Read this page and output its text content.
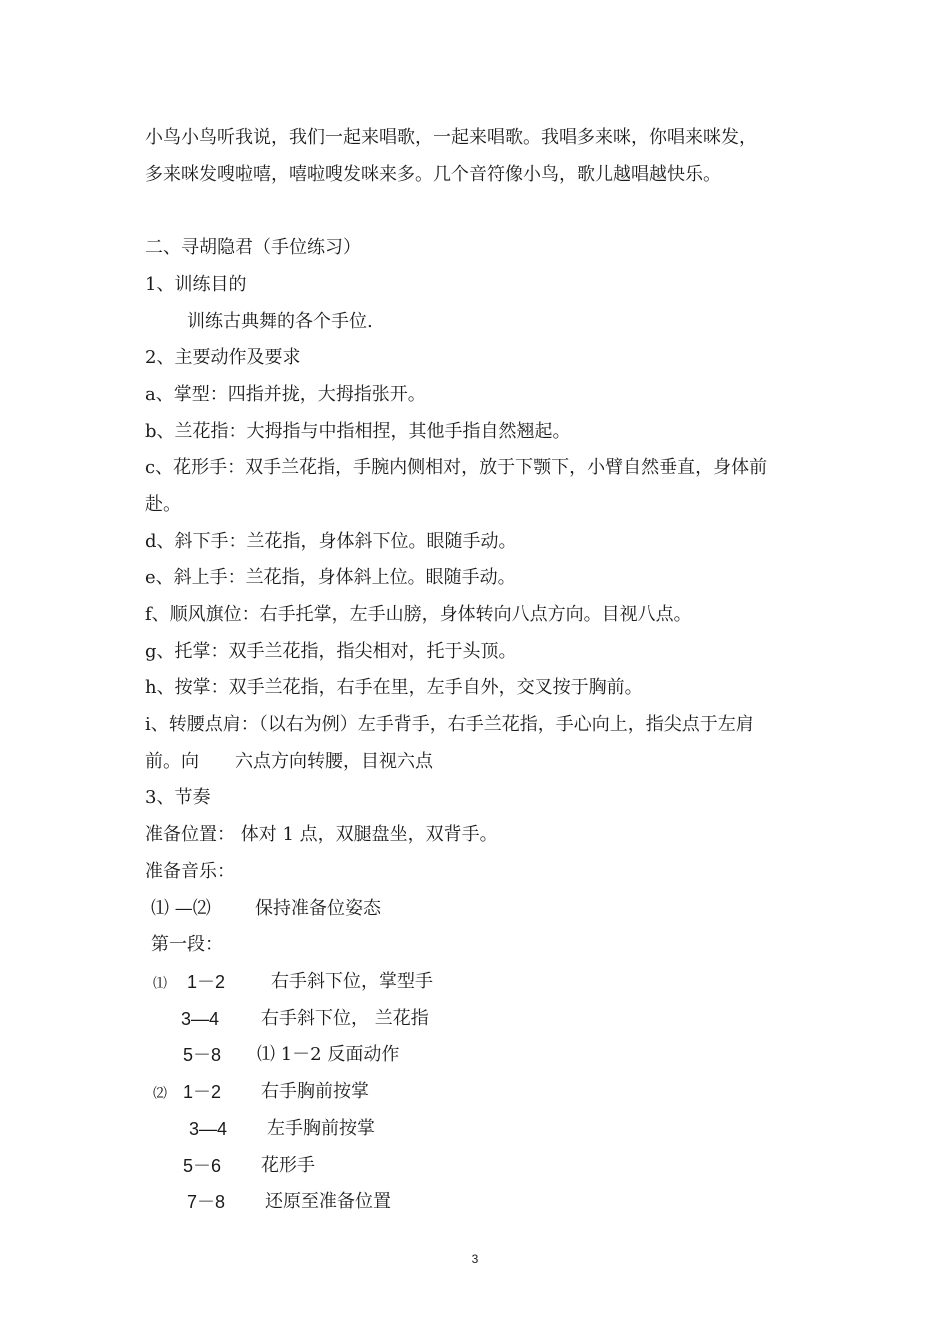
小鸟小鸟听我说，我们一起来唱歌，一起来唱歌。我唱多来咪，你唱来咪发，
多来咪发嗖啦嘻，嘻啦嗖发咪来多。几个音符像小鸟，歌儿越唱越快乐。
二、寻胡隐君（手位练习）
1、训练目的
训练古典舞的各个手位.
2、主要动作及要求
a、掌型：四指并拢，大拇指张开。
b、兰花指：大拇指与中指相捏，其他手指自然翘起。
c、花形手：双手兰花指，手腕内侧相对，放于下颚下，小臂自然垂直，身体前
赴。
d、斜下手：兰花指，身体斜下位。眼随手动。
e、斜上手：兰花指，身体斜上位。眼随手动。
f、顺风旗位：右手托掌，左手山膀，身体转向八点方向。目视八点。
g、托掌：双手兰花指，指尖相对，托于头顶。
h、按掌：双手兰花指，右手在里，左手自外，交叉按于胸前。
i、转腰点肩：（以右为例）左手背手，右手兰花指，手心向上，指尖点于左肩
前。向　　六点方向转腰，目视六点
3、节奏
准备位置： 体对 1 点，双腿盘坐，双背手。
准备音乐：
⑴ —⑵ 保持准备位姿态
第一段：
⑴ 1－2	右手斜下位，掌型手
3—4 右手斜下位， 兰花指
5－8 ⑴ 1－2 反面动作
⑵ 1－2 右手胸前按掌
3—4 左手胸前按掌
5－6 花形手
7－8 还原至准备位置
3
